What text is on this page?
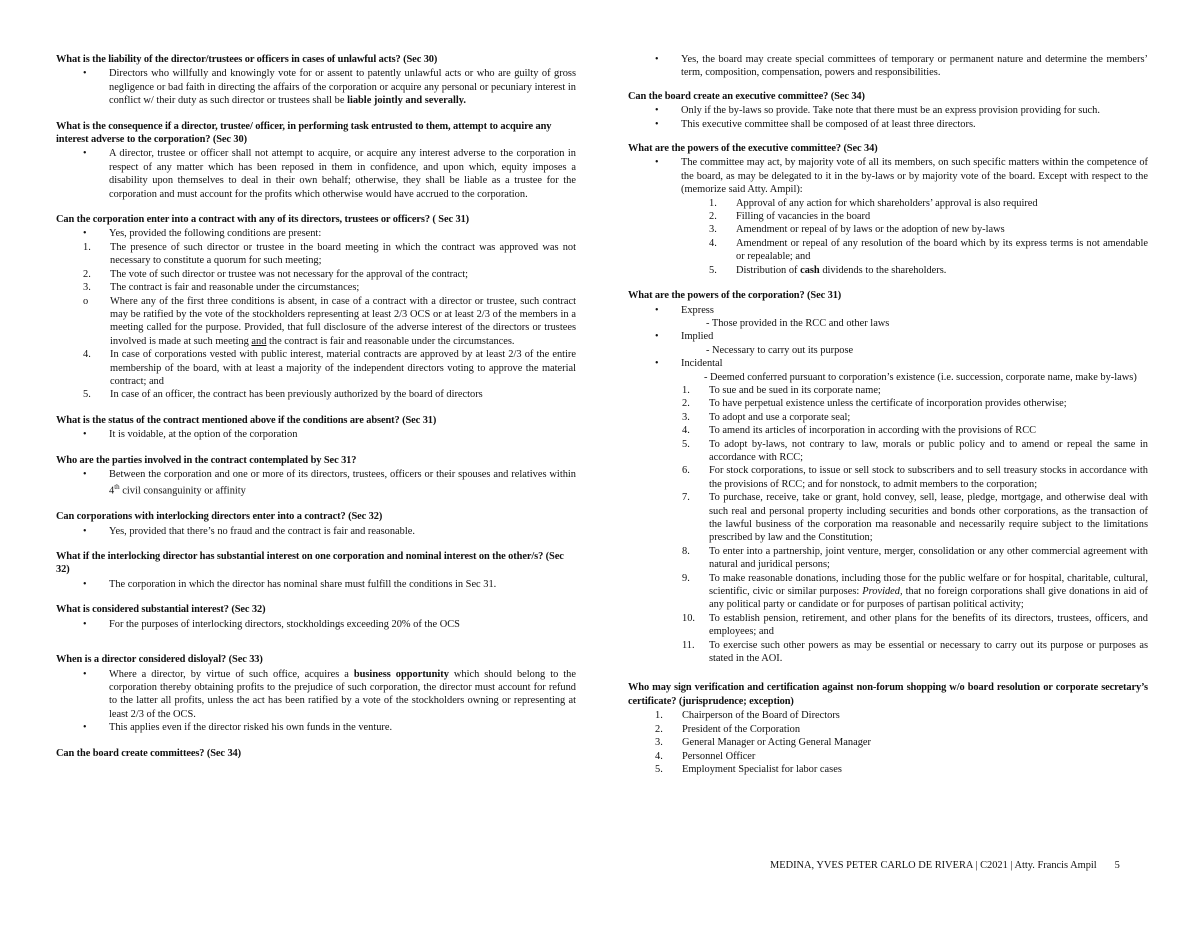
What is the liability of the director/trustees or officers in cases of unlawful acts? (Sec 30)
• Directors who willfully and knowingly vote for or assent to patently unlawful acts or who are guilty of gross negligence or bad faith in directing the affairs of the corporation or acquire any personal or pecuniary interest in conflict w/ their duty as such director or trustees shall be liable jointly and severally.
What is the consequence if a director, trustee/ officer, in performing task entrusted to them, attempt to acquire any interest adverse to the corporation? (Sec 30)
• A director, trustee or officer shall not attempt to acquire, or acquire any interest adverse to the corporation in respect of any matter which has been reposed in them in confidence, and upon which, equity imposes a disability upon themselves to deal in their own behalf; otherwise, they shall be liable as a trustee for the corporation and must account for the profits which otherwise would have accrued to the corporation.
Can the corporation enter into a contract with any of its directors, trustees or officers? ( Sec 31)
• Yes, provided the following conditions are present:
1.	The presence of such director or trustee in the board meeting in which the contract was approved was not necessary to constitute a quorum for such meeting;
2.	The vote of such director or trustee was not necessary for the approval of the contract;
3.	The contract is fair and reasonable under the circumstances;
o	Where any of the first three conditions is absent, in case of a contract with a director or trustee, such contract may be ratified by the vote of the stockholders representing at least 2/3 OCS or at least 2/3 of the members in a meeting called for the purpose. Provided, that full disclosure of the adverse interest of the directors or trustees involved is made at such meeting and the contract is fair and reasonable under the circumstances.
4.	In case of corporations vested with public interest, material contracts are approved by at least 2/3 of the entire membership of the board, with at least a majority of the independent directors voting to approve the material contract; and
5.	In case of an officer, the contract has been previously authorized by the board of directors
What is the status of the contract mentioned above if the conditions are absent? (Sec 31)
• It is voidable, at the option of the corporation
Who are the parties involved in the contract contemplated by Sec 31?
• Between the corporation and one or more of its directors, trustees, officers or their spouses and relatives within 4th civil consanguinity or affinity
Can corporations with interlocking directors enter into a contract? (Sec 32)
• Yes, provided that there’s no fraud and the contract is fair and reasonable.
What if the interlocking director has substantial interest on one corporation and nominal interest on the other/s? (Sec 32)
• The corporation in which the director has nominal share must fulfill the conditions in Sec 31.
What is considered substantial interest? (Sec 32)
• For the purposes of interlocking directors, stockholdings exceeding 20% of the OCS
When is a director considered disloyal? (Sec 33)
• Where a director, by virtue of such office, acquires a business opportunity which should belong to the corporation thereby obtaining profits to the prejudice of such corporation, the director must account for refund to the latter all profits, unless the act has been ratified by a vote of the stockholders owning or representing at least 2/3 of the OCS.
• This applies even if the director risked his own funds in the venture.
Can the board create committees? (Sec 34)
• Yes, the board may create special committees of temporary or permanent nature and determine the members’ term, composition, compensation, powers and responsibilities.
Can the board create an executive committee? (Sec 34)
• Only if the by-laws so provide. Take note that there must be an express provision providing for such.
• This executive committee shall be composed of at least three directors.
What are the powers of the executive committee? (Sec 34)
• The committee may act, by majority vote of all its members, on such specific matters within the competence of the board, as may be delegated to it in the by-laws or by majority vote of the board. Except with respect to the (memorize said Atty. Ampil):
1.	Approval of any action for which shareholders’ approval is also required
2.	Filling of vacancies in the board
3.	Amendment or repeal of by laws or the adoption of new by-laws
4.	Amendment or repeal of any resolution of the board which by its express terms is not amendable or repealable; and
5.	Distribution of cash dividends to the shareholders.
What are the powers of the corporation? (Sec 31)
• Express
- Those provided in the RCC and other laws
• Implied
- Necessary to carry out its purpose
• Incidental
- Deemed conferred pursuant to corporation’s existence (i.e. succession, corporate name, make by-laws)
1.	To sue and be sued in its corporate name;
2.	To have perpetual existence unless the certificate of incorporation provides otherwise;
3.	To adopt and use a corporate seal;
4.	To amend its articles of incorporation in according with the provisions of RCC
5.	To adopt by-laws, not contrary to law, morals or public policy and to amend or repeal the same in accordance with RCC;
6.	For stock corporations, to issue or sell stock to subscribers and to sell treasury stocks in accordance with the provisions of RCC; and for nonstock, to admit members to the corporation;
7.	To purchase, receive, take or grant, hold convey, sell, lease, pledge, mortgage, and otherwise deal with such real and personal property including securities and bonds other corporations, as the transaction of the lawful business of the corporation ma reasonable and necessarily require subject to the limitations prescribed by law and the Constitution;
8.	To enter into a partnership, joint venture, merger, consolidation or any other commercial agreement with natural and juridical persons;
9.	To make reasonable donations, including those for the public welfare or for hospital, charitable, cultural, scientific, civic or similar purposes: Provided, that no foreign corporations shall give donations in aid of any political party or candidate or for purposes of partisan political activity;
10.	To establish pension, retirement, and other plans for the benefits of its directors, trustees, officers, and employees; and
11.	To exercise such other powers as may be essential or necessary to carry out its purpose or purposes as stated in the AOI.
Who may sign verification and certification against non-forum shopping w/o board resolution or corporate secretary’s certificate? (jurisprudence; exception)
1.	Chairperson of the Board of Directors
2.	President of the Corporation
3.	General Manager or Acting General Manager
4.	Personnel Officer
5.	Employment Specialist for labor cases
MEDINA, YVES PETER CARLO DE RIVERA | C2021 | Atty. Francis Ampil 5
